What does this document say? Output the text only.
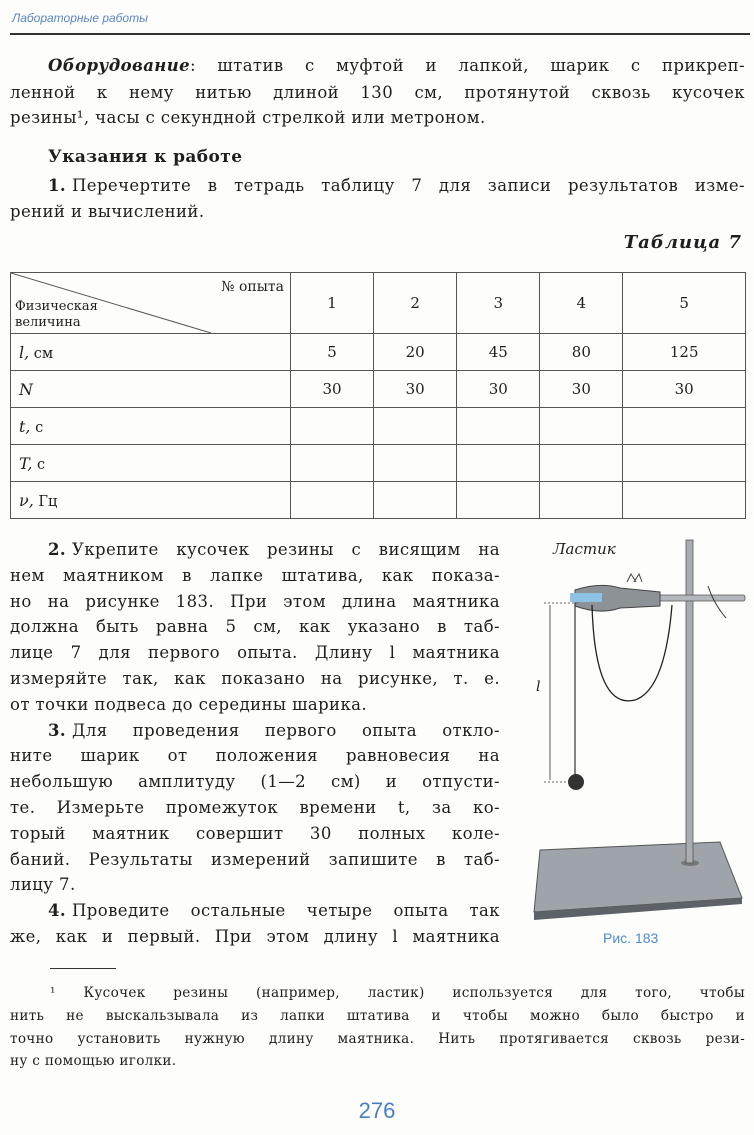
Лабораторные работы
Оборудование : штатив с муфтой и лапкой, шарик с прикреп-
ленной к нему нитью длиной 130 см, протянутой сквозь кусочек
резины¹, часы с секундной стрелкой или метроном.
Указания к работе
1. Перечертите в тетрадь таблицу 7 для записи результатов изме-
рений и вычислений.
Таблица 7
№ опыта
Физическая
величина	1	2	3	4	5
l, см	5	20	45	80	125
N	30	30	30	30	30
t, с					
T, с					
ν, Гц					
2. Укрепите кусочек резины с висящим на
нем маятником в лапке штатива, как показа-
но на рисунке 183. При этом длина маятника
должна быть равна 5 см, как указано в таб-
лице 7 для первого опыта. Длину l маятника
измеряйте так, как показано на рисунке, т. е.
от точки подвеса до середины шарика.
3. Для проведения первого опыта откло-
ните шарик от положения равновесия на
небольшую амплитуду (1—2 см) и отпусти-
те. Измерьте промежуток времени t, за ко-
торый маятник совершит 30 полных коле-
баний. Результаты измерений запишите в таб-
лицу 7.
4. Проведите остальные четыре опыта так
же, как и первый. При этом длину l маятника
Ластик
l
Рис. 183
¹ Кусочек резины (например, ластик) используется для того, чтобы
нить не выскальзывала из лапки штатива и чтобы можно было быстро и
точно установить нужную длину маятника. Нить протягивается сквозь рези-
ну с помощью иголки.
276
